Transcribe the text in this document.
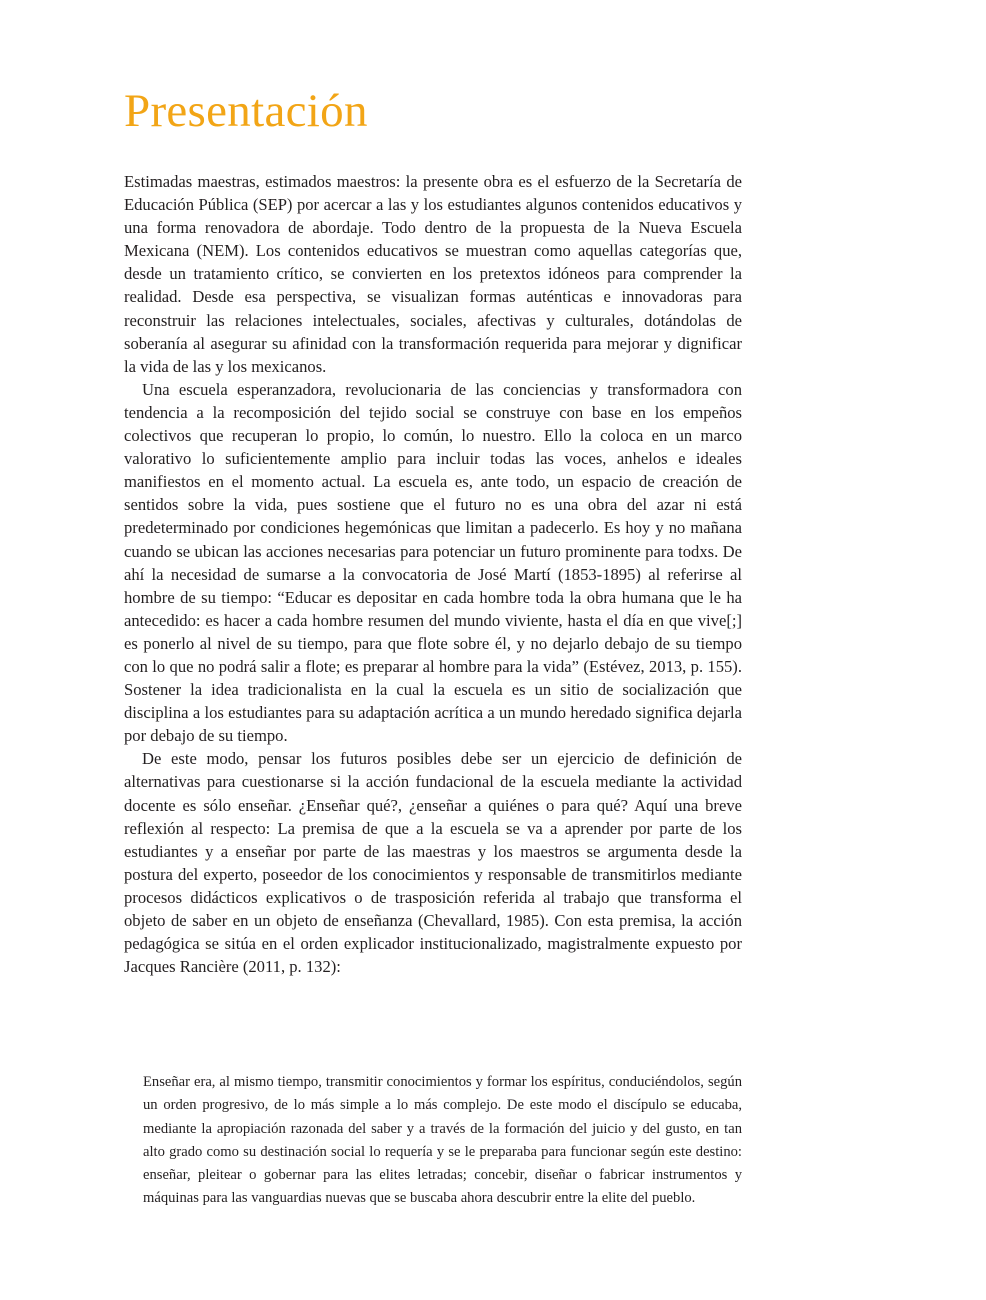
Presentación

Estimadas maestras, estimados maestros: la presente obra es el esfuerzo de la Secretaría de Educación Pública (SEP) por acercar a las y los estudiantes algunos contenidos educativos y una forma renovadora de abordaje. Todo dentro de la propuesta de la Nueva Escuela Mexicana (NEM). Los contenidos educativos se muestran como aquellas categorías que, desde un tratamiento crítico, se convierten en los pretextos idóneos para comprender la realidad. Desde esa perspectiva, se visualizan formas auténticas e innovadoras para reconstruir las relaciones intelectuales, sociales, afectivas y culturales, dotándolas de soberanía al asegurar su afinidad con la transformación requerida para mejorar y dignificar la vida de las y los mexicanos.

Una escuela esperanzadora, revolucionaria de las conciencias y transformadora con tendencia a la recomposición del tejido social se construye con base en los empeños colectivos que recuperan lo propio, lo común, lo nuestro. Ello la coloca en un marco valorativo lo suficientemente amplio para incluir todas las voces, anhelos e ideales manifiestos en el momento actual. La escuela es, ante todo, un espacio de creación de sentidos sobre la vida, pues sostiene que el futuro no es una obra del azar ni está predeterminado por condiciones hegemónicas que limitan a padecerlo. Es hoy y no mañana cuando se ubican las acciones necesarias para potenciar un futuro prominente para todxs. De ahí la necesidad de sumarse a la convocatoria de José Martí (1853-1895) al referirse al hombre de su tiempo: “Educar es depositar en cada hombre toda la obra humana que le ha antecedido: es hacer a cada hombre resumen del mundo viviente, hasta el día en que vive[;] es ponerlo al nivel de su tiempo, para que flote sobre él, y no dejarlo debajo de su tiempo con lo que no podrá salir a flote; es preparar al hombre para la vida” (Estévez, 2013, p. 155). Sostener la idea tradicionalista en la cual la escuela es un sitio de socialización que disciplina a los estudiantes para su adaptación acrítica a un mundo heredado significa dejarla por debajo de su tiempo.

De este modo, pensar los futuros posibles debe ser un ejercicio de definición de alternativas para cuestionarse si la acción fundacional de la escuela mediante la actividad docente es sólo enseñar. ¿Enseñar qué?, ¿enseñar a quiénes o para qué? Aquí una breve reflexión al respecto: La premisa de que a la escuela se va a aprender por parte de los estudiantes y a enseñar por parte de las maestras y los maestros se argumenta desde la postura del experto, poseedor de los conocimientos y responsable de transmitirlos mediante procesos didácticos explicativos o de trasposición referida al trabajo que transforma el objeto de saber en un objeto de enseñanza (Chevallard, 1985). Con esta premisa, la acción pedagógica se sitúa en el orden explicador institucionalizado, magistralmente expuesto por Jacques Rancière (2011, p. 132):

Enseñar era, al mismo tiempo, transmitir conocimientos y formar los espíritus, conduciéndolos, según un orden progresivo, de lo más simple a lo más complejo. De este modo el discípulo se educaba, mediante la apropiación razonada del saber y a través de la formación del juicio y del gusto, en tan alto grado como su destinación social lo requería y se le preparaba para funcionar según este destino: enseñar, pleitear o gobernar para las elites letradas; concebir, diseñar o fabricar instrumentos y máquinas para las vanguardias nuevas que se buscaba ahora descubrir entre la elite del pueblo.
